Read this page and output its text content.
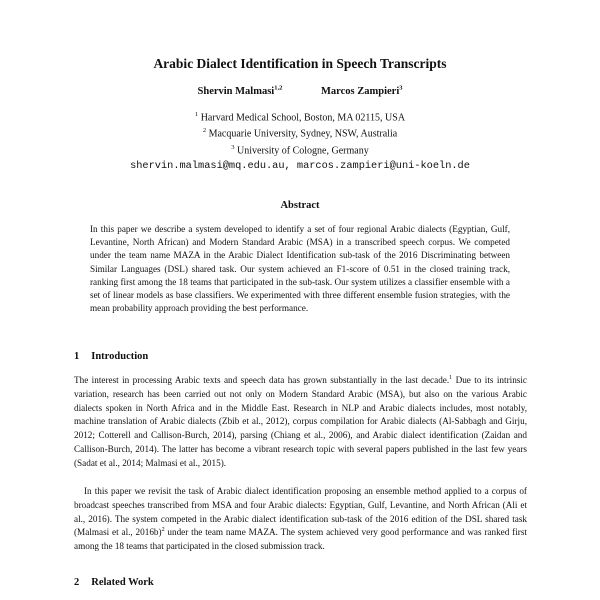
Arabic Dialect Identification in Speech Transcripts
Shervin Malmasi$^{1,2}$	Marcos Zampieri$^3$
$^1$ Harvard Medical School, Boston, MA 02115, USA
$^2$ Macquarie University, Sydney, NSW, Australia
$^3$ University of Cologne, Germany
shervin.malmasi@mq.edu.au, marcos.zampieri@uni-koeln.de
Abstract
In this paper we describe a system developed to identify a set of four regional Arabic dialects (Egyptian, Gulf, Levantine, North African) and Modern Standard Arabic (MSA) in a transcribed speech corpus. We competed under the team name MAZA in the Arabic Dialect Identification sub-task of the 2016 Discriminating between Similar Languages (DSL) shared task. Our system achieved an F1-score of 0.51 in the closed training track, ranking first among the 18 teams that participated in the sub-task. Our system utilizes a classifier ensemble with a set of linear models as base classifiers. We experimented with three different ensemble fusion strategies, with the mean probability approach providing the best performance.
1 Introduction

The interest in processing Arabic texts and speech data has grown substantially in the last decade.$^1$ Due to its intrinsic variation, research has been carried out not only on Modern Standard Arabic (MSA), but also on the various Arabic dialects spoken in North Africa and in the Middle East. Research in NLP and Arabic dialects includes, most notably, machine translation of Arabic dialects (Zbib et al., 2012), corpus compilation for Arabic dialects (Al-Sabbagh and Girju, 2012; Cotterell and Callison-Burch, 2014), parsing (Chiang et al., 2006), and Arabic dialect identification (Zaidan and Callison-Burch, 2014). The latter has become a vibrant research topic with several papers published in the last few years (Sadat et al., 2014; Malmasi et al., 2015).

In this paper we revisit the task of Arabic dialect identification proposing an ensemble method applied to a corpus of broadcast speeches transcribed from MSA and four Arabic dialects: Egyptian, Gulf, Levantine, and North African (Ali et al., 2016). The system competed in the Arabic dialect identification sub-task of the 2016 edition of the DSL shared task (Malmasi et al., 2016b)$^2$ under the team name MAZA. The system achieved very good performance and was ranked first among the 18 teams that participated in the closed submission track.

2 Related Work
